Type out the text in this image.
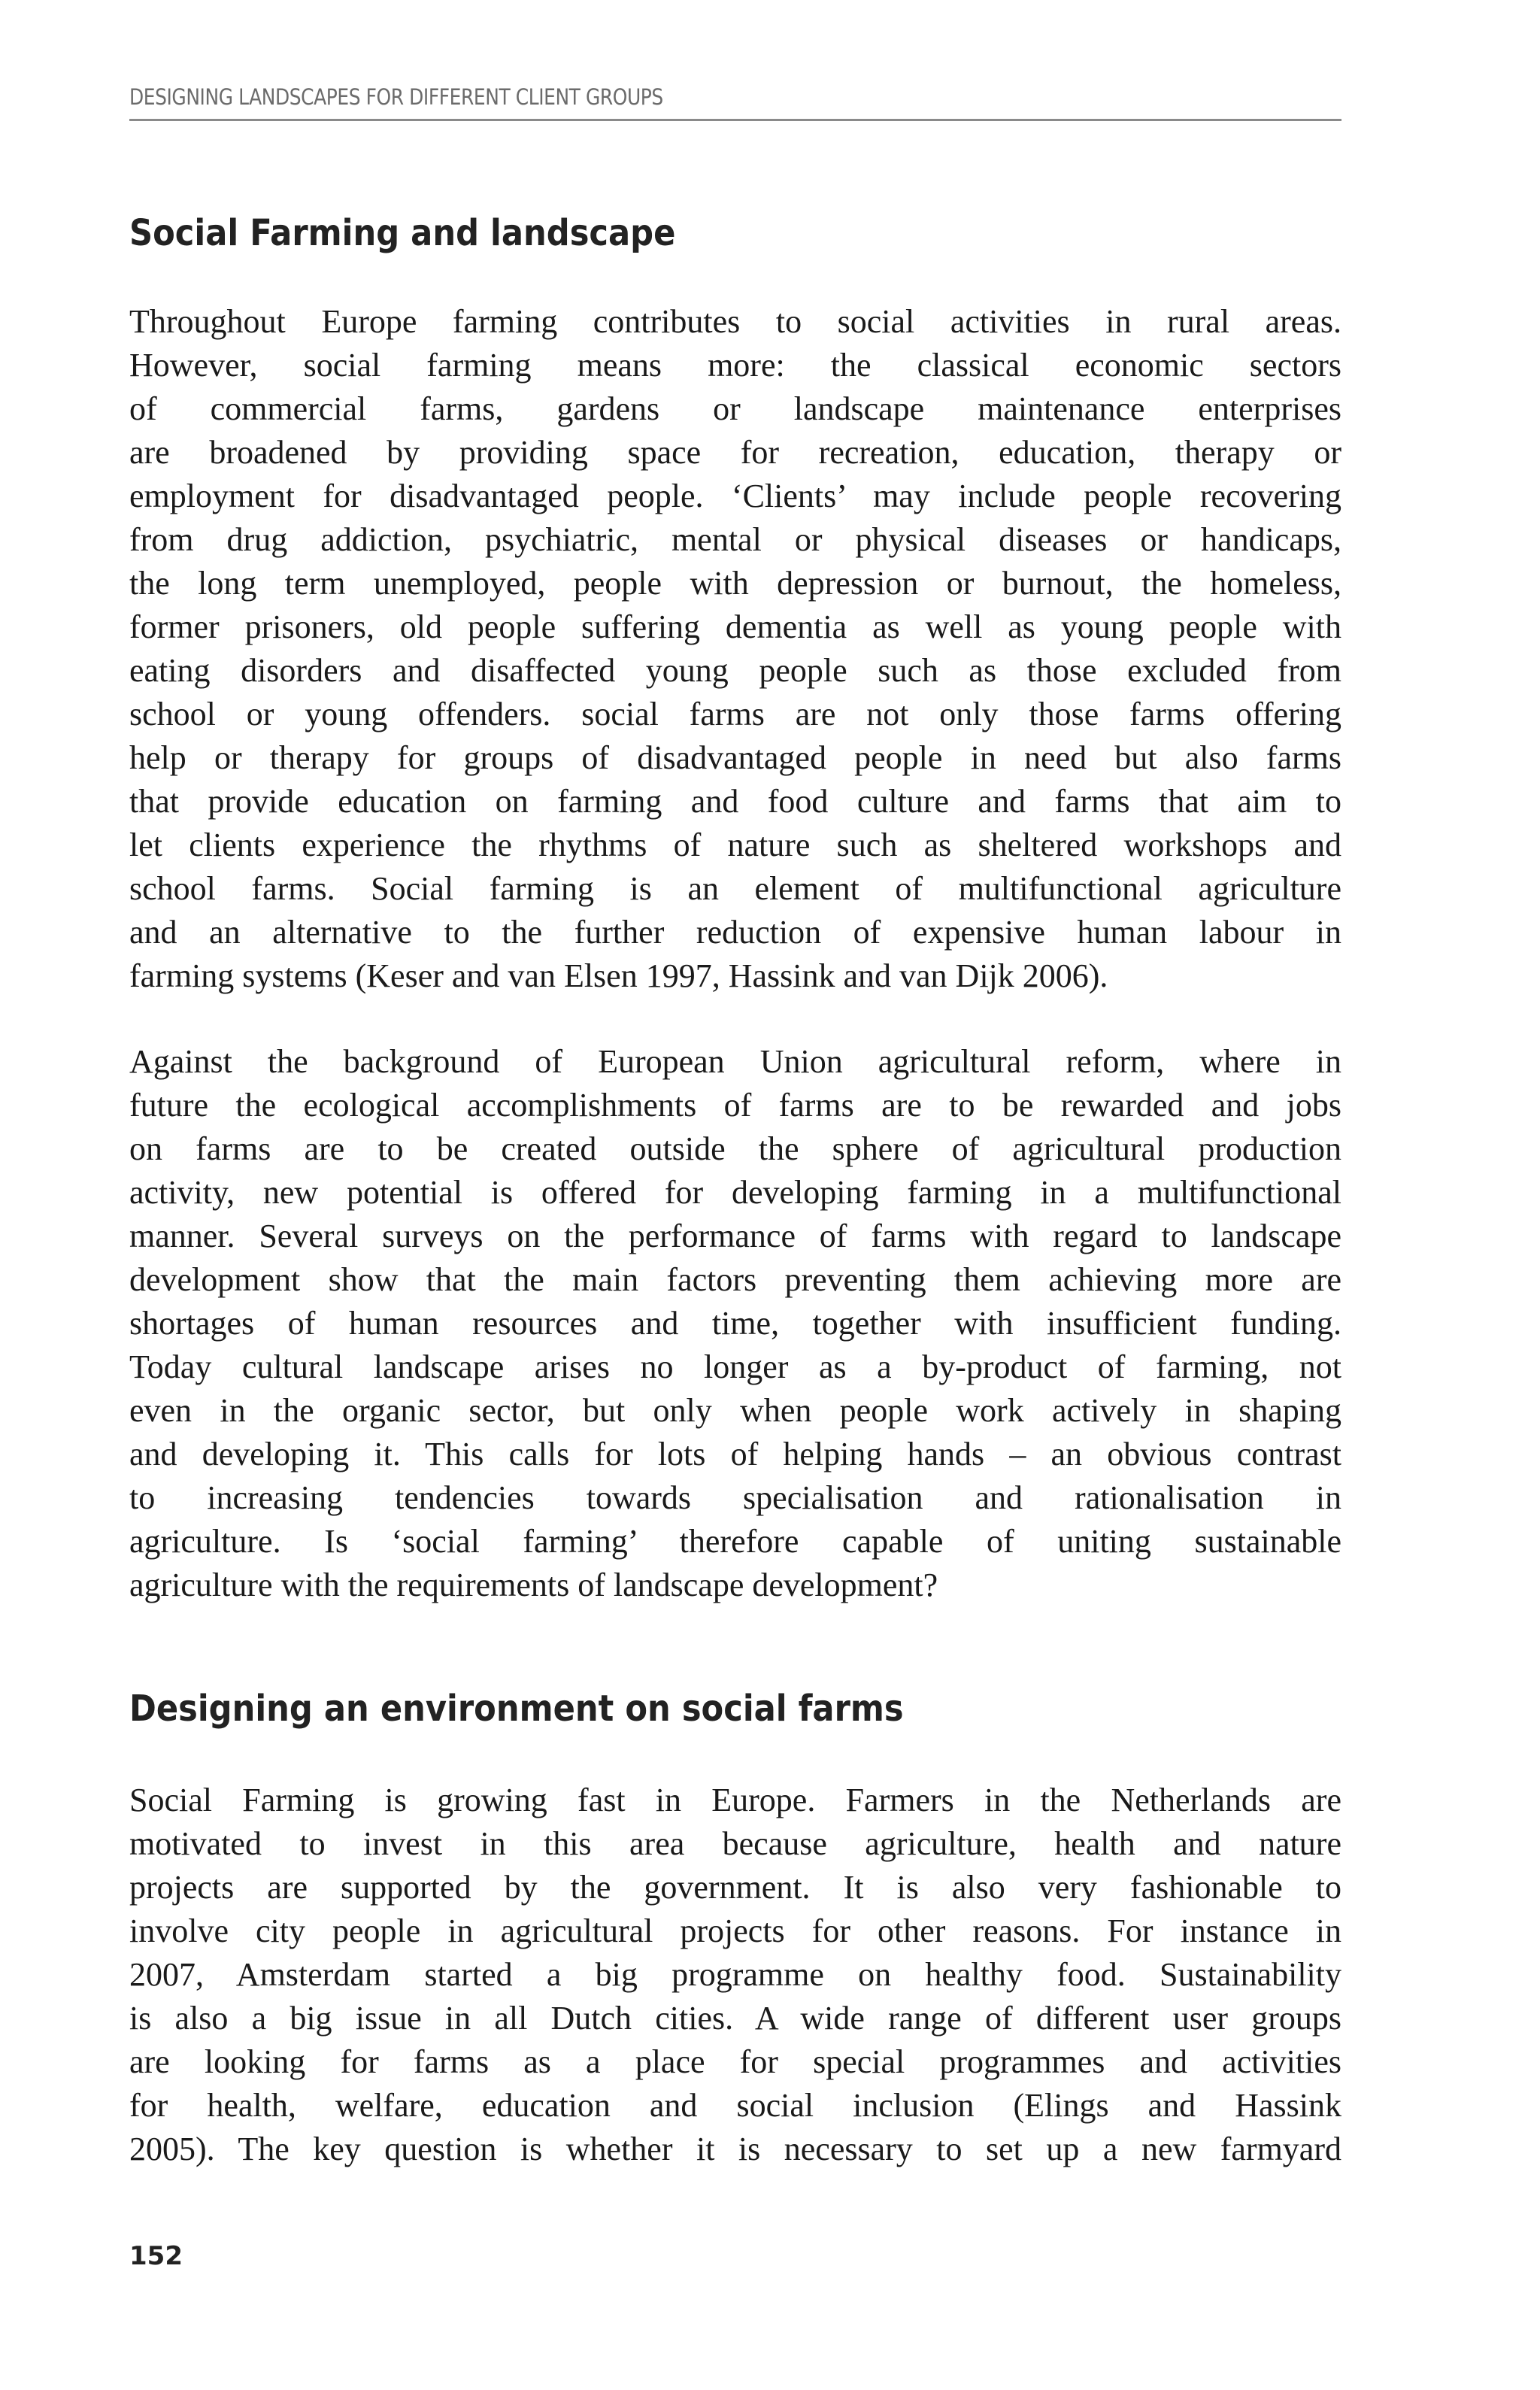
DESIGNING LANDSCAPES FOR DIFFERENT CLIENT GROUPS
Social Farming and landscape
Throughout Europe farming contributes to social activities in rural areas.
However, social farming means more: the classical economic sectors
of commercial farms, gardens or landscape maintenance enterprises
are broadened by providing space for recreation, education, therapy or
employment for disadvantaged people. ‘Clients’ may include people recovering
from drug addiction, psychiatric, mental or physical diseases or handicaps,
the long term unemployed, people with depression or burnout, the homeless,
former prisoners, old people suffering dementia as well as young people with
eating disorders and disaffected young people such as those excluded from
school or young offenders. social farms are not only those farms offering
help or therapy for groups of disadvantaged people in need but also farms
that provide education on farming and food culture and farms that aim to
let clients experience the rhythms of nature such as sheltered workshops and
school farms. Social farming is an element of multifunctional agriculture
and an alternative to the further reduction of expensive human labour in
farming systems (Keser and van Elsen 1997, Hassink and van Dijk 2006).
Against the background of European Union agricultural reform, where in
future the ecological accomplishments of farms are to be rewarded and jobs
on farms are to be created outside the sphere of agricultural production
activity, new potential is offered for developing farming in a multifunctional
manner. Several surveys on the performance of farms with regard to landscape
development show that the main factors preventing them achieving more are
shortages of human resources and time, together with insufficient funding.
Today cultural landscape arises no longer as a by-product of farming, not
even in the organic sector, but only when people work actively in shaping
and developing it. This calls for lots of helping hands – an obvious contrast
to increasing tendencies towards specialisation and rationalisation in
agriculture. Is ‘social farming’ therefore capable of uniting sustainable
agriculture with the requirements of landscape development?
Designing an environment on social farms
Social Farming is growing fast in Europe. Farmers in the Netherlands are
motivated to invest in this area because agriculture, health and nature
projects are supported by the government. It is also very fashionable to
involve city people in agricultural projects for other reasons. For instance in
2007, Amsterdam started a big programme on healthy food. Sustainability
is also a big issue in all Dutch cities. A wide range of different user groups
are looking for farms as a place for special programmes and activities
for health, welfare, education and social inclusion (Elings and Hassink
2005). The key question is whether it is necessary to set up a new farmyard
152
